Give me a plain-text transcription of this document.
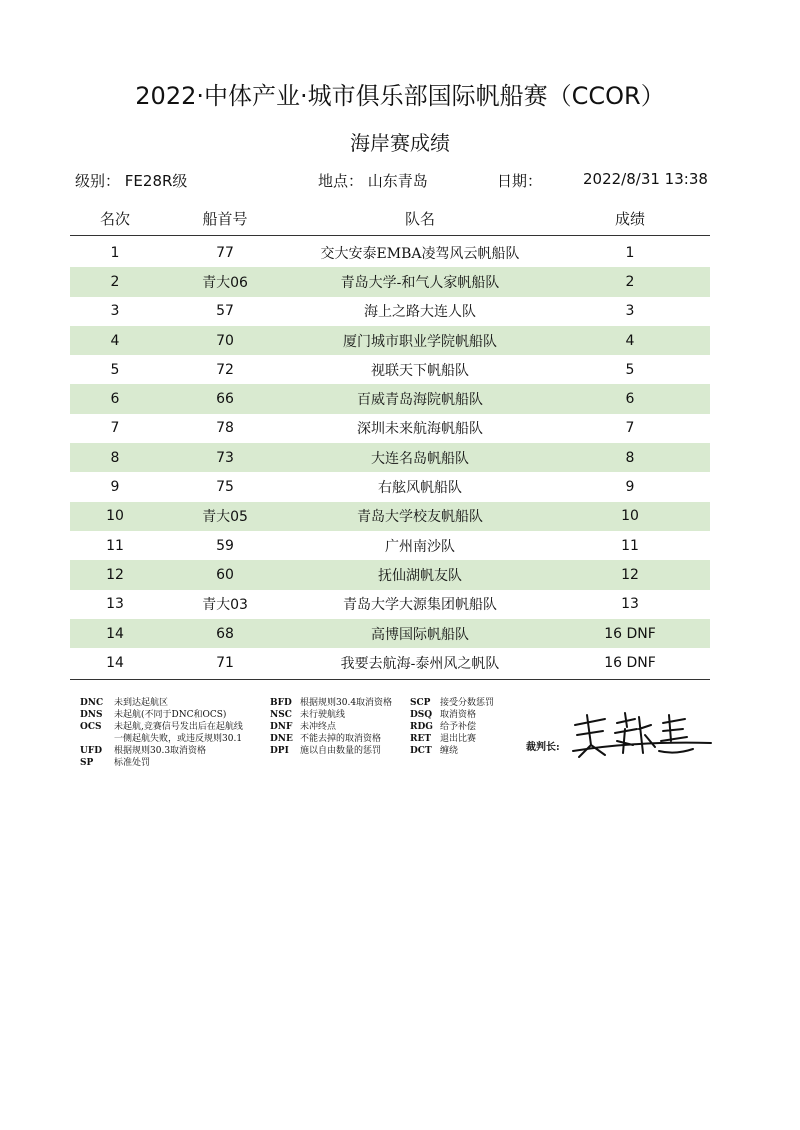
2022·中体产业·城市俱乐部国际帆船赛（CCOR）
海岸赛成绩
级别： FE28R级	地点： 山东青岛	日期：	2022/8/31 13:38
名次	船首号	队名	成绩
1	77	交大安泰EMBA凌驾风云帆船队	1
2	青大06	青岛大学-和气人家帆船队	2
3	57	海上之路大连人队	3
4	70	厦门城市职业学院帆船队	4
5	72	视联天下帆船队	5
6	66	百威青岛海院帆船队	6
7	78	深圳未来航海帆船队	7
8	73	大连名岛帆船队	8
9	75	右舷风帆船队	9
10	青大05	青岛大学校友帆船队	10
11	59	广州南沙队	11
12	60	抚仙湖帆友队	12
13	青大03	青岛大学大源集团帆船队	13
14	68	高博国际帆船队	16 DNF
14	71	我要去航海-泰州风之帆队	16 DNF
DNC	未到达起航区
DNS	未起航(不同于DNC和OCS)
OCS	未起航,竞赛信号发出后在起航线
一侧起航失败，或违反规则30.1
UFD	根据规则30.3取消资格
SP	标准处罚
BFD 根据规则30.4取消资格
NSC 未行驶航线
DNF 未冲终点
DNE 不能去掉的取消资格
DPI	施以自由数量的惩罚
SCP	接受分数惩罚
DSQ 取消资格
RDG 给予补偿
RET 退出比赛
DCT 缠绕	裁判长:
